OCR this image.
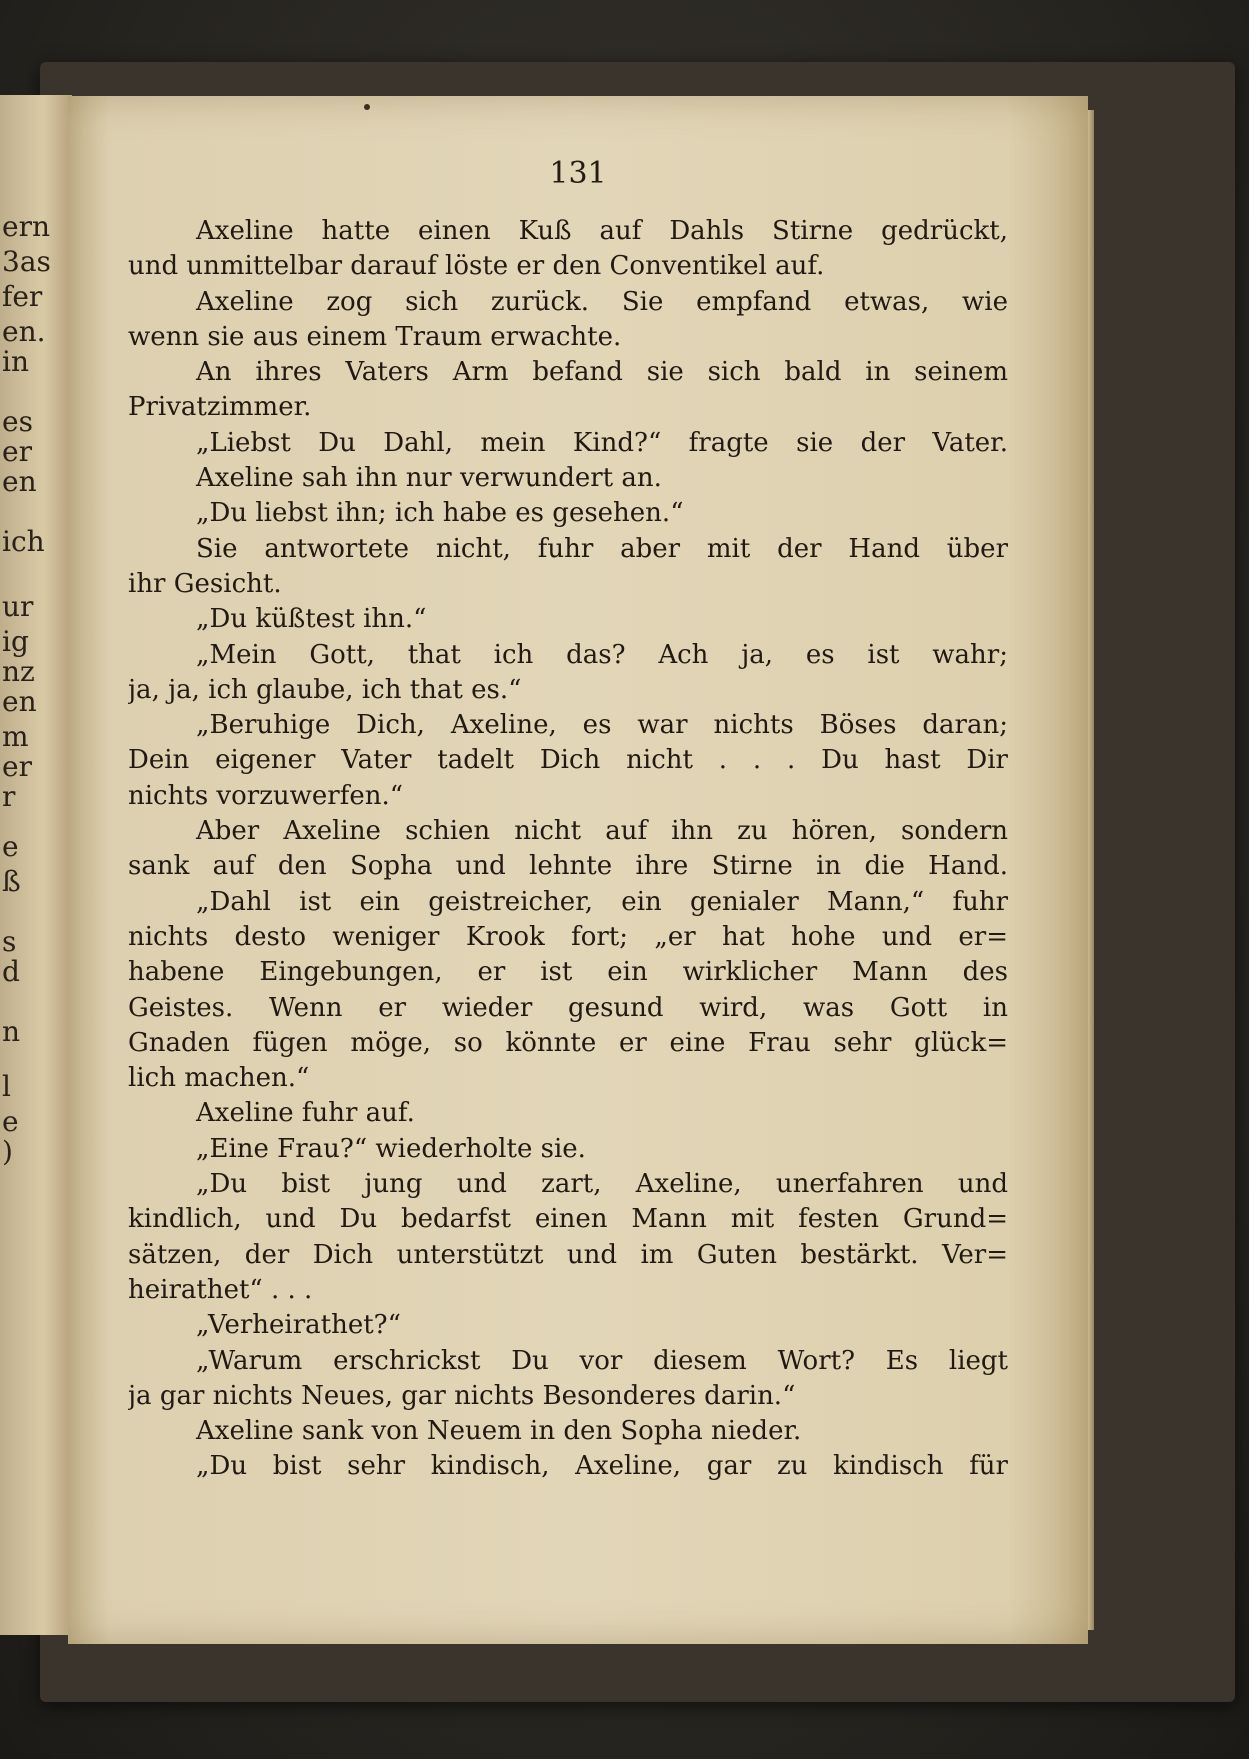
ern
3as
fer
en.
in
es
er
en
ich
ur
ig
nz
en
m
er
r
e
ß
s
d
n
l
e
)
131
Axeline hatte einen Kuß auf Dahls Stirne gedrückt,
und unmittelbar darauf löste er den Conventikel auf.
Axeline zog sich zurück. Sie empfand etwas, wie
wenn sie aus einem Traum erwachte.
An ihres Vaters Arm befand sie sich bald in seinem
Privatzimmer.
„Liebst Du Dahl, mein Kind?“ fragte sie der Vater.
Axeline sah ihn nur verwundert an.
„Du liebst ihn; ich habe es gesehen.“
Sie antwortete nicht, fuhr aber mit der Hand über
ihr Gesicht.
„Du küßtest ihn.“
„Mein Gott, that ich das? Ach ja, es ist wahr;
ja, ja, ich glaube, ich that es.“
„Beruhige Dich, Axeline, es war nichts Böses daran;
Dein eigener Vater tadelt Dich nicht . . . Du hast Dir
nichts vorzuwerfen.“
Aber Axeline schien nicht auf ihn zu hören, sondern
sank auf den Sopha und lehnte ihre Stirne in die Hand.
„Dahl ist ein geistreicher, ein genialer Mann,“ fuhr
nichts desto weniger Krook fort; „er hat hohe und er=
habene Eingebungen, er ist ein wirklicher Mann des
Geistes. Wenn er wieder gesund wird, was Gott in
Gnaden fügen möge, so könnte er eine Frau sehr glück=
lich machen.“
Axeline fuhr auf.
„Eine Frau?“ wiederholte sie.
„Du bist jung und zart, Axeline, unerfahren und
kindlich, und Du bedarfst einen Mann mit festen Grund=
sätzen, der Dich unterstützt und im Guten bestärkt. Ver=
heirathet“ . . .
„Verheirathet?“
„Warum erschrickst Du vor diesem Wort? Es liegt
ja gar nichts Neues, gar nichts Besonderes darin.“
Axeline sank von Neuem in den Sopha nieder.
„Du bist sehr kindisch, Axeline, gar zu kindisch für
